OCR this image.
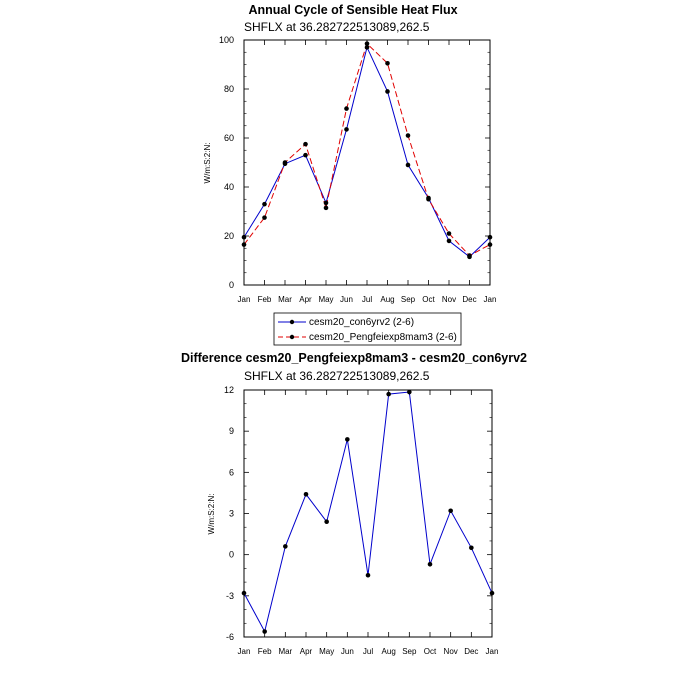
Annual Cycle of Sensible Heat Flux
SHFLX at 36.282722513089,262.5
W/m:S:2:N:
Jan Feb Mar Apr May Jun Jul Aug Sep Oct Nov Dec Jan
0
20
40
60
80
100
cesm20_con6yrv2 (2-6)
cesm20_Pengfeiexp8mam3 (2-6)
Difference cesm20_Pengfeiexp8mam3 - cesm20_con6yrv2
SHFLX at 36.282722513089,262.5
W/m:S:2:N:
Jan Feb Mar Apr May Jun Jul Aug Sep Oct Nov Dec Jan
-6
-3
0
3
6
9
12
